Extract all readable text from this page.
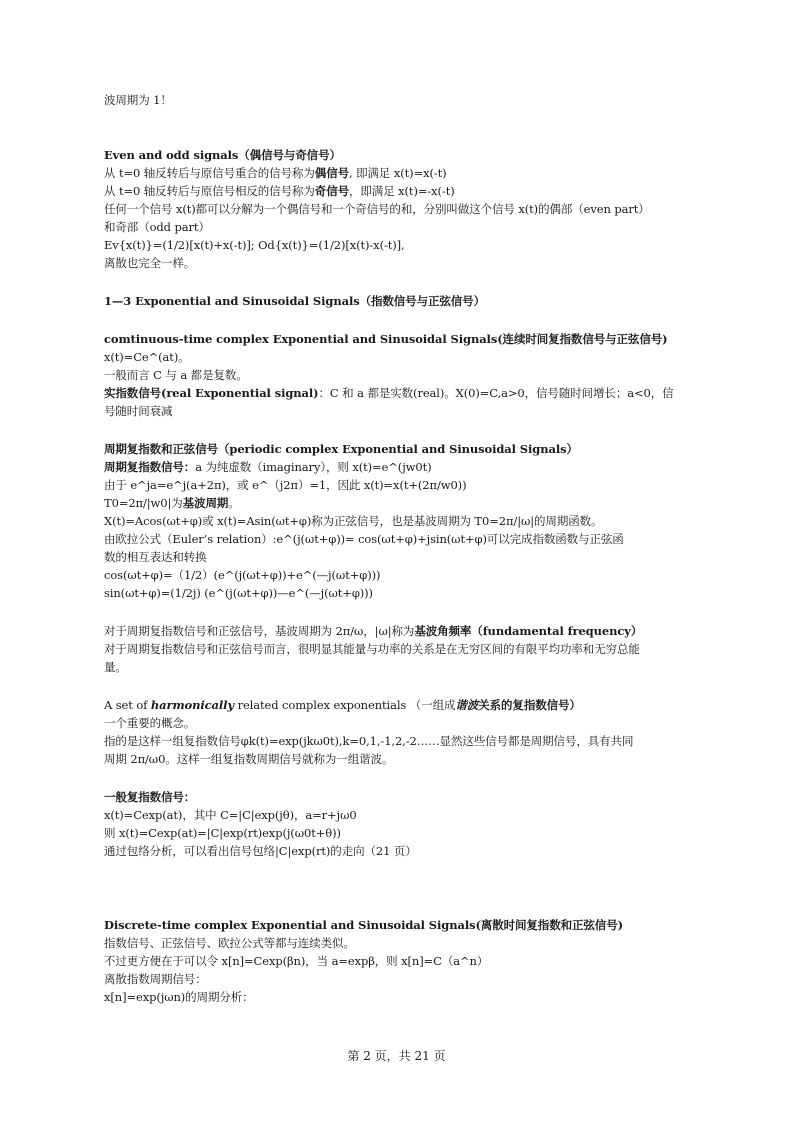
波周期为 1！
Even and odd signals（偶信号与奇信号）
从 t=0 轴反转后与原信号重合的信号称为偶信号, 即满足 x(t)=x(-t)
从 t=0 轴反转后与原信号相反的信号称为奇信号，即满足 x(t)=-x(-t)
任何一个信号 x(t)都可以分解为一个偶信号和一个奇信号的和，分别叫做这个信号 x(t)的偶部（even part）
和奇部（odd part）
Ev{x(t)}=(1/2)[x(t)+x(-t)]; Od{x(t)}=(1/2)[x(t)-x(-t)],
离散也完全一样。
1—3 Exponential and Sinusoidal Signals（指数信号与正弦信号）
comtinuous-time complex Exponential and Sinusoidal Signals(连续时间复指数信号与正弦信号)
x(t)=Ce^(at)。
一般而言 C 与 a 都是复数。
实指数信号(real Exponential signal)：C 和 a 都是实数(real)。X(0)=C,a>0，信号随时间增长；a<0，信
号随时间衰减
周期复指数和正弦信号（periodic complex Exponential and Sinusoidal Signals）
周期复指数信号：a 为纯虚数（imaginary），则 x(t)=e^(jw0t)
由于 e^ja=e^j(a+2π)，或 e^（j2π）=1，因此 x(t)=x(t+(2π/w0))
T0=2π/|w0|为基波周期。
X(t)=Acos(ωt+φ)或 x(t)=Asin(ωt+φ)称为正弦信号，也是基波周期为 T0=2π/|ω|的周期函数。
由欧拉公式（Euler’s relation）:e^(j(ωt+φ))= cos(ωt+φ)+jsin(ωt+φ)可以完成指数函数与正弦函
数的相互表达和转换
cos(ωt+φ)=（1/2）(e^(j(ωt+φ))+e^(—j(ωt+φ)))
sin(ωt+φ)=(1/2j) (e^(j(ωt+φ))—e^(—j(ωt+φ)))
对于周期复指数信号和正弦信号，基波周期为 2π/ω，|ω|称为基波角频率（fundamental frequency）
对于周期复指数信号和正弦信号而言，很明显其能量与功率的关系是在无穷区间的有限平均功率和无穷总能
量。
A set of harmonically related complex exponentials （一组成谐波关系的复指数信号）
一个重要的概念。
指的是这样一组复指数信号φk(t)=exp(jkω0t),k=0,1,-1,2,-2……显然这些信号都是周期信号，具有共同
周期 2π/ω0。这样一组复指数周期信号就称为一组谐波。
一般复指数信号：
x(t)=Cexp(at)，其中 C=|C|exp(jθ)，a=r+jω0
则 x(t)=Cexp(at)=|C|exp(rt)exp(j(ω0t+θ))
通过包络分析，可以看出信号包络|C|exp(rt)的走向（21 页）
Discrete-time complex Exponential and Sinusoidal Signals(离散时间复指数和正弦信号)
指数信号、正弦信号、欧拉公式等都与连续类似。
不过更方便在于可以令 x[n]=Cexp(βn)，当 a=expβ，则 x[n]=C（a^n）
离散指数周期信号：
x[n]=exp(jωn)的周期分析：
第 2 页，共 21 页
